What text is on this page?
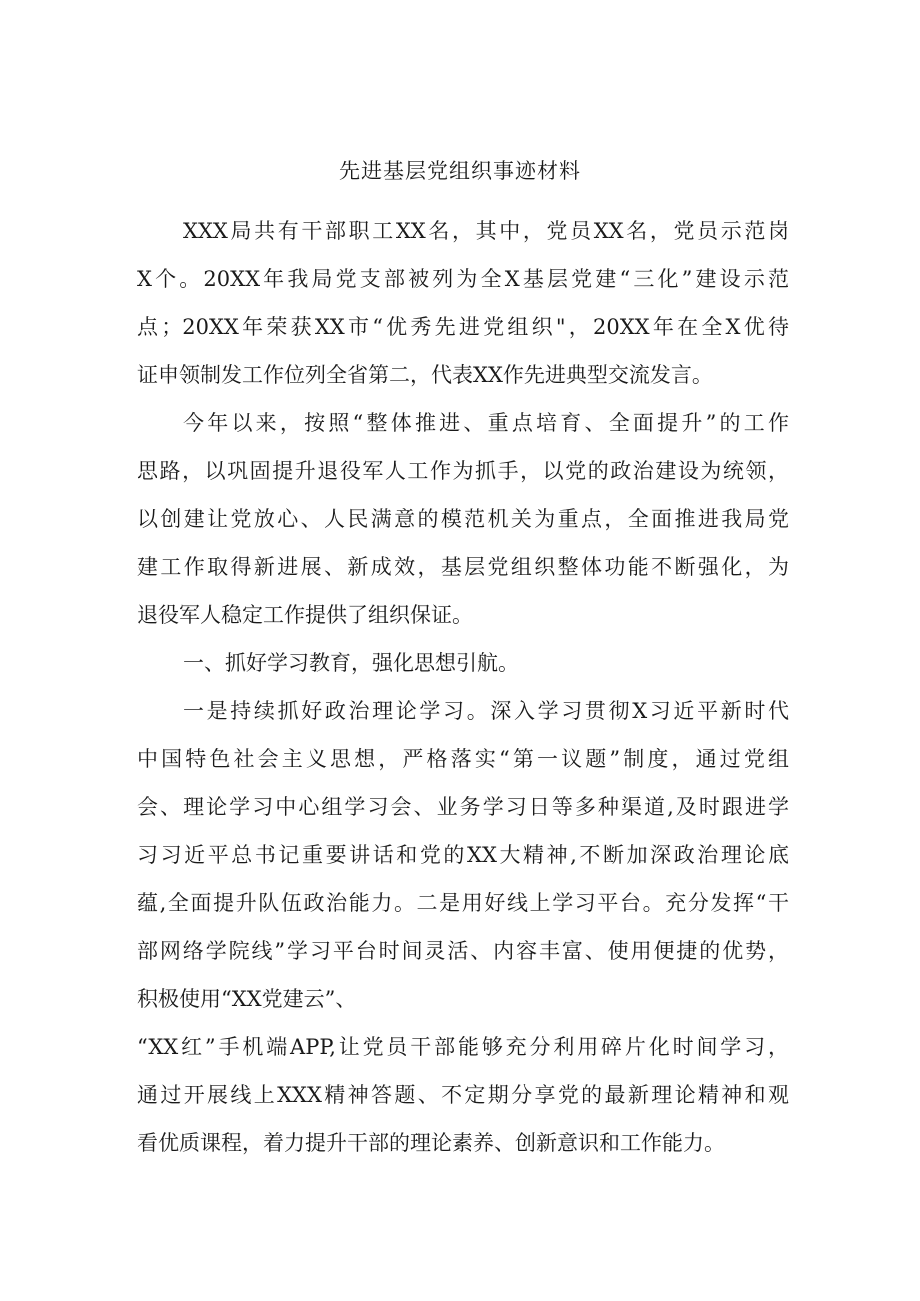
先进基层党组织事迹材料
XXX局共有干部职工XX名，其中，党员XX名，党员示范岗
X个。20XX年我局党支部被列为全X基层党建“三化”建设示范
点；20XX年荣获XX市“优秀先进党组织"，20XX年在全X优待
证申领制发工作位列全省第二，代表XX作先进典型交流发言。
今年以来，按照“整体推进、重点培育、全面提升”的工作
思路，以巩固提升退役军人工作为抓手，以党的政治建设为统领，
以创建让党放心、人民满意的模范机关为重点，全面推进我局党
建工作取得新进展、新成效，基层党组织整体功能不断强化，为
退役军人稳定工作提供了组织保证。
一、抓好学习教育，强化思想引航。
一是持续抓好政治理论学习。深入学习贯彻X习近平新时代
中国特色社会主义思想，严格落实“第一议题”制度，通过党组
会、理论学习中心组学习会、业务学习日等多种渠道,及时跟进学
习习近平总书记重要讲话和党的XX大精神,不断加深政治理论底
蕴,全面提升队伍政治能力。二是用好线上学习平台。充分发挥“干
部网络学院线”学习平台时间灵活、内容丰富、使用便捷的优势，
积极使用“XX党建云”、
“XX红”手机端APP,让党员干部能够充分利用碎片化时间学习，
通过开展线上XXX精神答题、不定期分享党的最新理论精神和观
看优质课程，着力提升干部的理论素养、创新意识和工作能力。
